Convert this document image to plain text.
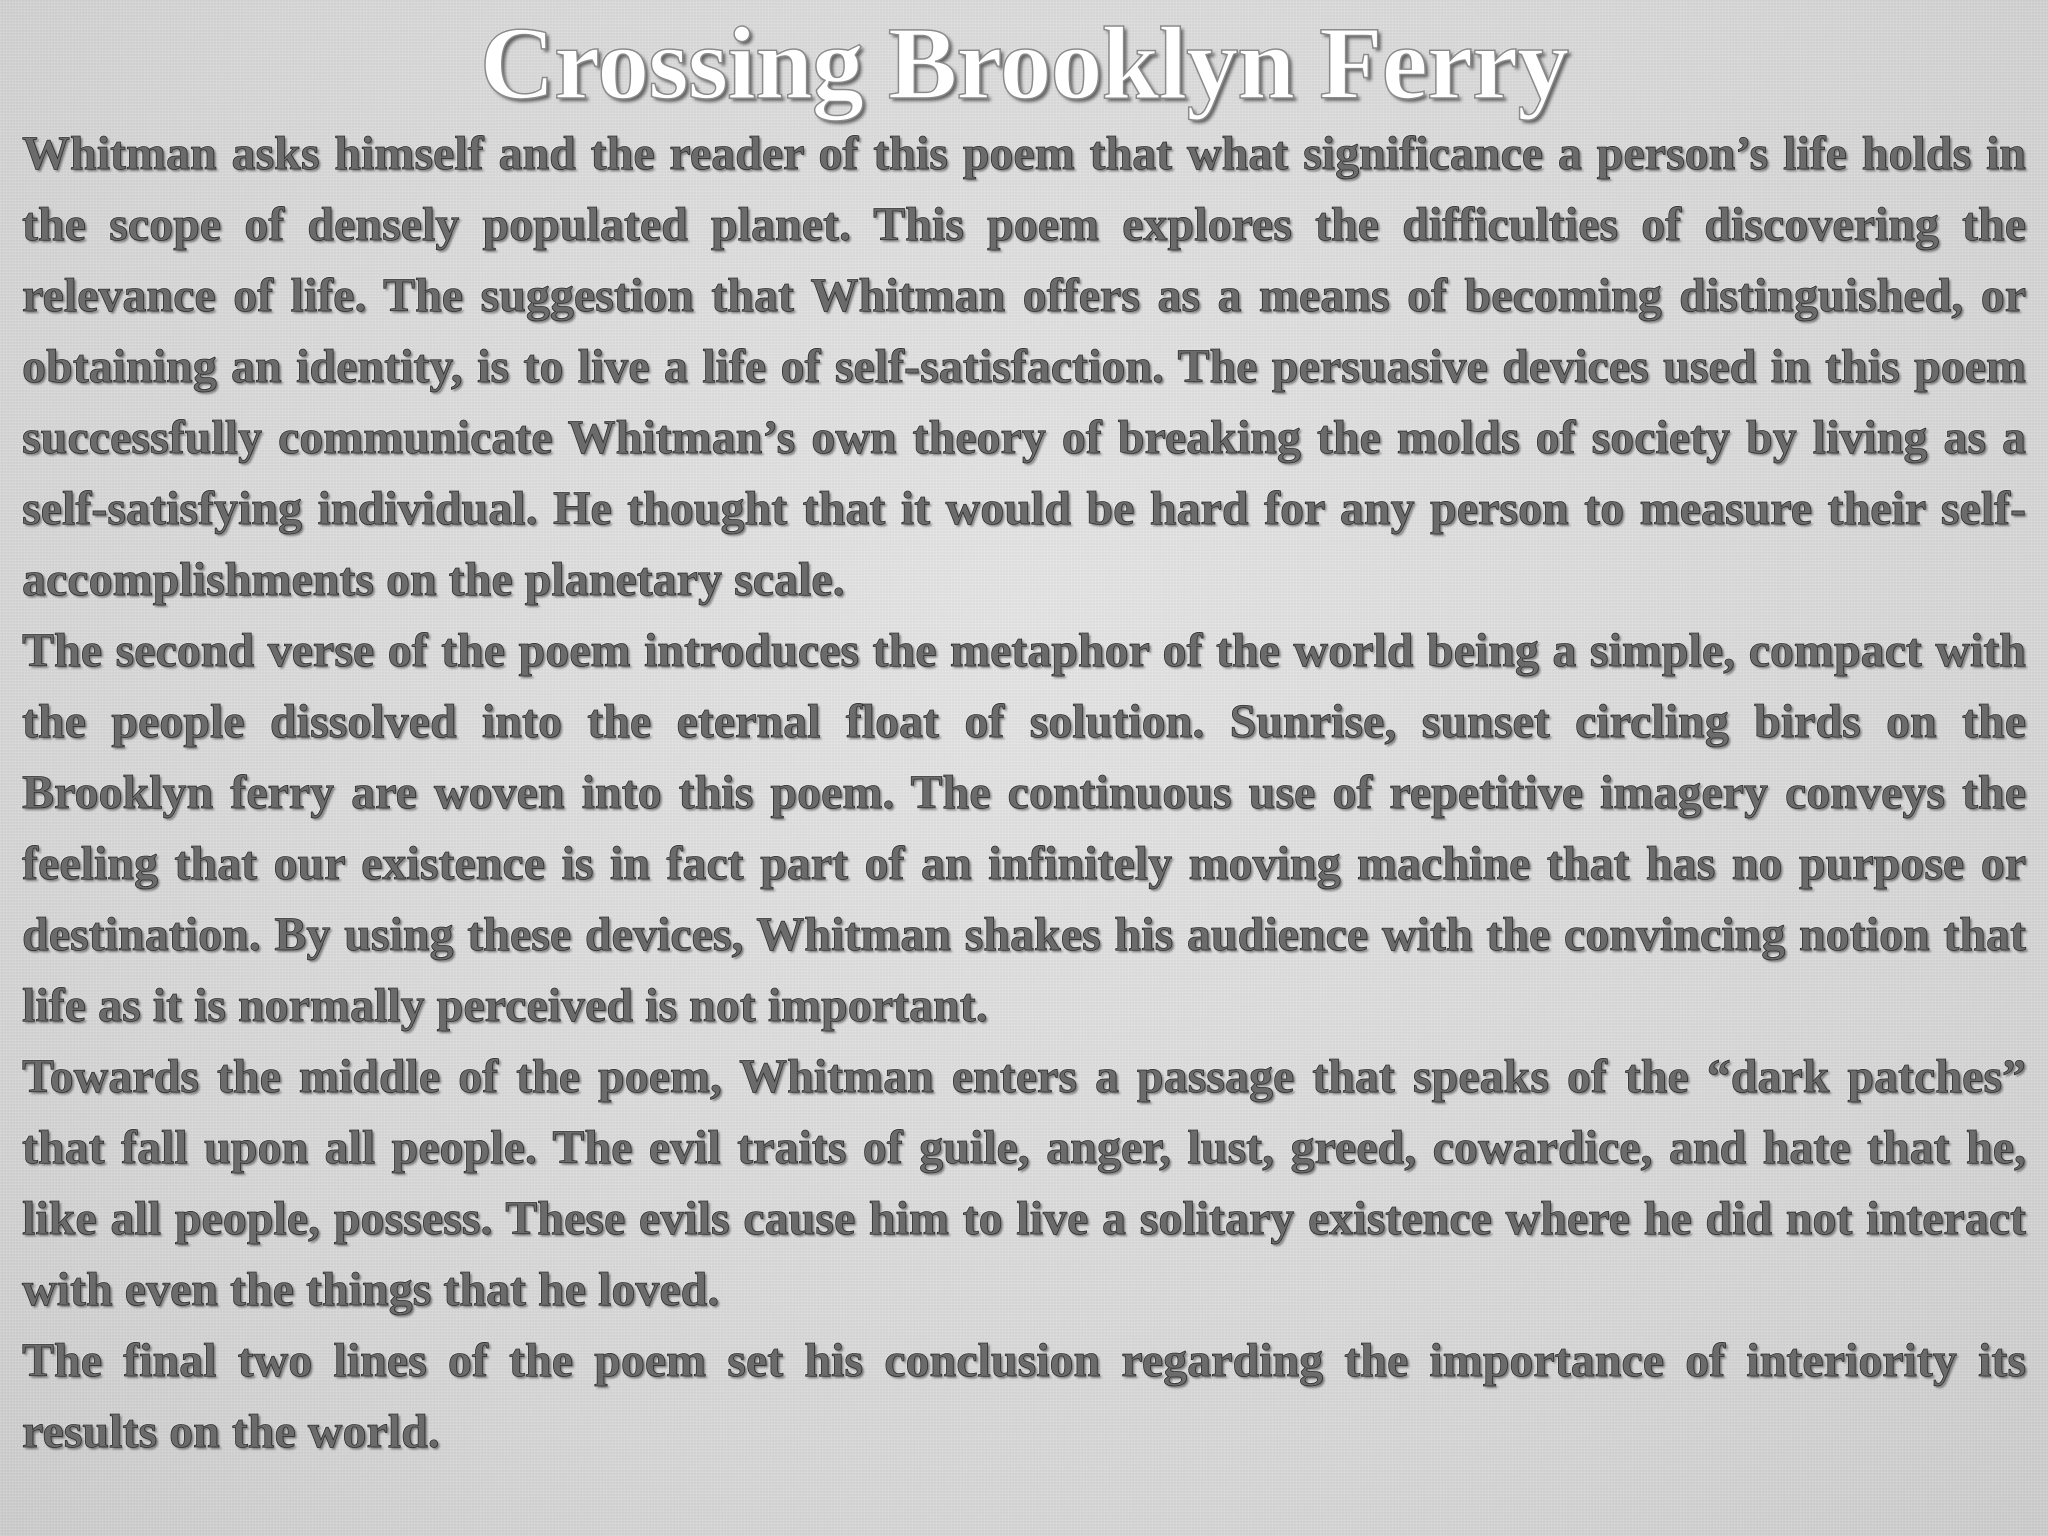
Crossing Brooklyn Ferry

Whitman asks himself and the reader of this poem that what significance a person’s life holds in the scope of densely populated planet. This poem explores the difficulties of discovering the relevance of life. The suggestion that Whitman offers as a means of becoming distinguished, or obtaining an identity, is to live a life of self-satisfaction. The persuasive devices used in this poem successfully communicate Whitman’s own theory of breaking the molds of society by living as a self-satisfying individual. He thought that it would be hard for any person to measure their self- accomplishments on the planetary scale.

The second verse of the poem introduces the metaphor of the world being a simple, compact with the people dissolved into the eternal float of solution. Sunrise, sunset circling birds on the Brooklyn ferry are woven into this poem. The continuous use of repetitive imagery conveys the feeling that our existence is in fact part of an infinitely moving machine that has no purpose or destination. By using these devices, Whitman shakes his audience with the convincing notion that life as it is normally perceived is not important.

Towards the middle of the poem, Whitman enters a passage that speaks of the “dark patches” that fall upon all people. The evil traits of guile, anger, lust, greed, cowardice, and hate that he, like all people, possess. These evils cause him to live a solitary existence where he did not interact with even the things that he loved.

The final two lines of the poem set his conclusion regarding the importance of interiority its results on the world.
